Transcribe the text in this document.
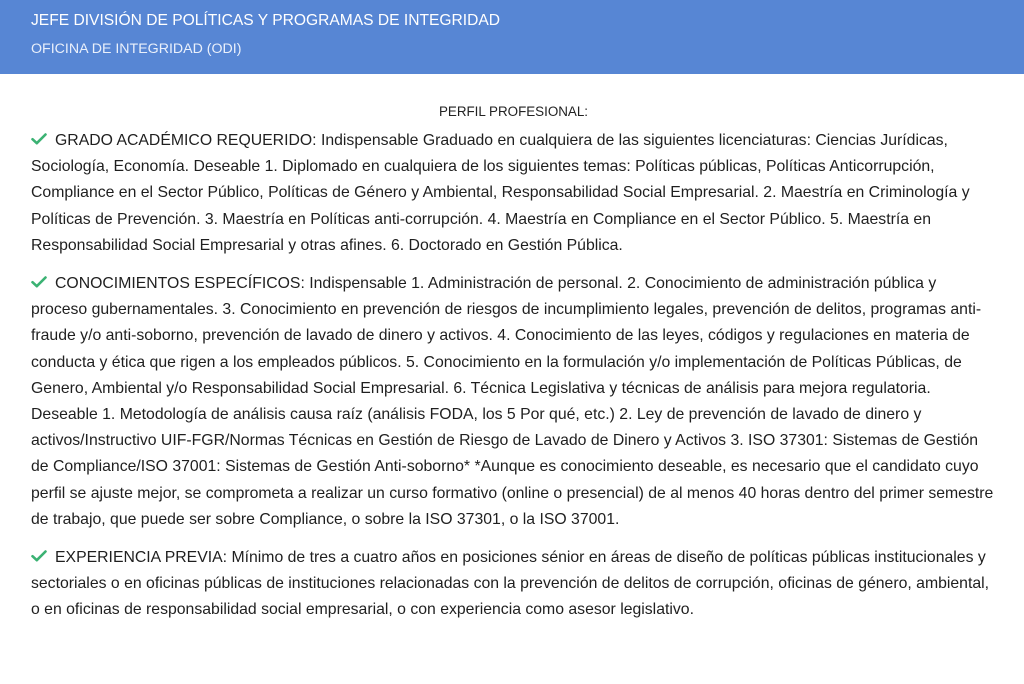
JEFE DIVISIÓN DE POLÍTICAS Y PROGRAMAS DE INTEGRIDAD
OFICINA DE INTEGRIDAD (ODI)
PERFIL PROFESIONAL:
GRADO ACADÉMICO REQUERIDO: Indispensable Graduado en cualquiera de las siguientes licenciaturas: Ciencias Jurídicas, Sociología, Economía. Deseable 1. Diplomado en cualquiera de los siguientes temas: Políticas públicas, Políticas Anticorrupción, Compliance en el Sector Público, Políticas de Género y Ambiental, Responsabilidad Social Empresarial. 2. Maestría en Criminología y Políticas de Prevención. 3. Maestría en Políticas anti-corrupción. 4. Maestría en Compliance en el Sector Público. 5. Maestría en Responsabilidad Social Empresarial y otras afines. 6. Doctorado en Gestión Pública.
CONOCIMIENTOS ESPECÍFICOS: Indispensable 1. Administración de personal. 2. Conocimiento de administración pública y proceso gubernamentales. 3. Conocimiento en prevención de riesgos de incumplimiento legales, prevención de delitos, programas anti-fraude y/o anti-soborno, prevención de lavado de dinero y activos. 4. Conocimiento de las leyes, códigos y regulaciones en materia de conducta y ética que rigen a los empleados públicos. 5. Conocimiento en la formulación y/o implementación de Políticas Públicas, de Genero, Ambiental y/o Responsabilidad Social Empresarial. 6. Técnica Legislativa y técnicas de análisis para mejora regulatoria. Deseable 1. Metodología de análisis causa raíz (análisis FODA, los 5 Por qué, etc.) 2. Ley de prevención de lavado de dinero y activos/Instructivo UIF-FGR/Normas Técnicas en Gestión de Riesgo de Lavado de Dinero y Activos 3. ISO 37301: Sistemas de Gestión de Compliance/ISO 37001: Sistemas de Gestión Anti-soborno* *Aunque es conocimiento deseable, es necesario que el candidato cuyo perfil se ajuste mejor, se comprometa a realizar un curso formativo (online o presencial) de al menos 40 horas dentro del primer semestre de trabajo, que puede ser sobre Compliance, o sobre la ISO 37301, o la ISO 37001.
EXPERIENCIA PREVIA: Mínimo de tres a cuatro años en posiciones sénior en áreas de diseño de políticas públicas institucionales y sectoriales o en oficinas públicas de instituciones relacionadas con la prevención de delitos de corrupción, oficinas de género, ambiental, o en oficinas de responsabilidad social empresarial, o con experiencia como asesor legislativo.
